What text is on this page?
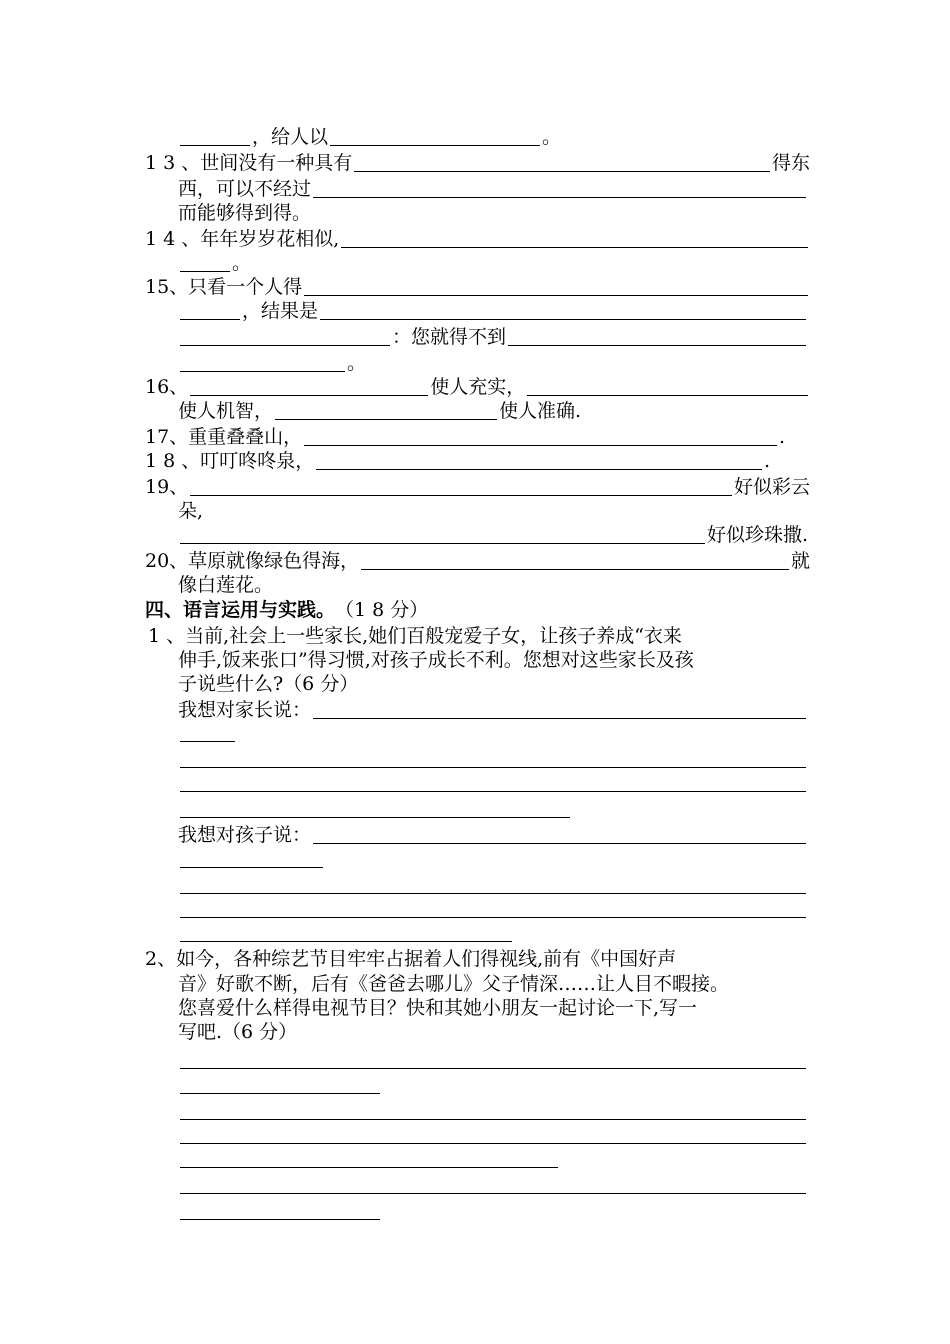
，给人以	。
1 3 、世间没有一种具有	得东
西，可以不经过
而能够得到得。
1 4 、年年岁岁花相似,
。
15、只看一个人得
，结果是
：您就得不到
。
16、	使人充实，
使人机智，	使人准确.
17、重重叠叠山，	.
1 8 、叮叮咚咚泉，	.
19、	好似彩云
朵,
好似珍珠撒.
20、草原就像绿色得海，	就
像白莲花。
四、语言运用与实践。 （1 8 分）
1 、当前,社会上一些家长,她们百般宠爱子女，让孩子养成“衣来
伸手,饭来张口”得习惯,对孩子成长不利。您想对这些家长及孩
子说些什么?（6 分）
我想对家长说：
我想对孩子说：
2、如今，各种综艺节目牢牢占据着人们得视线,前有《中国好声
音》好歌不断，后有《爸爸去哪儿》父子情深……让人目不暇接。
您喜爱什么样得电视节目？快和其她小朋友一起讨论一下,写一
写吧.（6 分）
